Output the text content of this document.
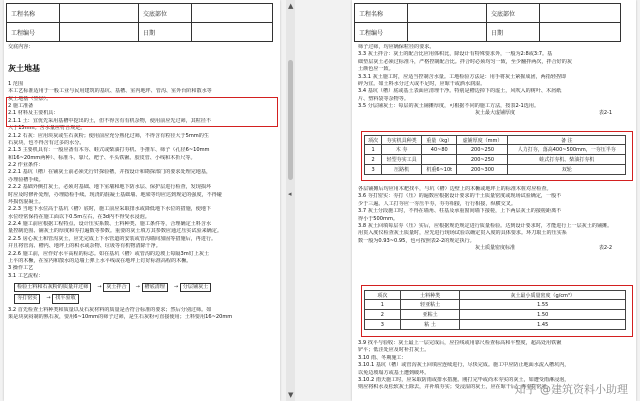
工程名称		交底部位	
工程编号		日期	
交底内容：
灰土地基
1 范围
本工艺标准适用于一般工业与民用建筑的基坑、基槽、室内地坪、管沟、室外台阶和散水等
灰土地基（垫层）。
2 施工准备
2.1 材料及主要机具：
2.1.1 土：宜优先采用基槽中挖出的土，但不得含有有机杂物，使用前应先过筛，其粒径不
大于15mm。含水量应符合规定。
2.1.2 石灰：应用块灰或生石灰粉；使用前应充分熟化过筛，不得含有粒径大于5mm的生
石灰块，也不得含有过多的水分。
2.1.3 主要机具有：一般应备有木夯、蛙式或柴油打夯机、手推车、筛子（孔径6~10mm
和16~20mm两种）、标准斗、靠尺、耙子、平头铁锹、胶皮管、小线和木折尺等。
2.2 作业条件：
2.2.1 基坑（槽）在铺灰土前必须先行钎探验槽，并按设计和勘探部门的要求处理完地基，
办理验槽手续。
2.2.2 基础外侧打灰土，必须对基础、地下室墙和地下防水层、保护层进行检查，发现损坏
时应及时修补处理，办理隐检手续。现浇的混凝土基础墙、地梁等均应达到规定的强度，不得碰
坏损伤混凝土。
2.2.3 当地下水位高于基坑（槽）底时，施工前应采取排水或降低地下水位的措施，使地下
水位经常保持在施工面以下0.5m左右，在3d内不得受水浸泡。
2.2.4 施工前应根据工程特点、设计压实系数、土料种类、施工条件等，合理确定土料含水
量控制范围、铺灰土的厚度和夯打遍数等参数。重要的灰土填方其参数应通过压实试验来确定。
2.2.5 房心灰土和管沟灰土，应先完成上下水管道的安装或管沟墙间加固等措施后，再进行。
并且将管沟、槽内、地坪上的积水或杂物、垃圾等有机物清除干净。
2.2.6 施工前，应作好水平高程的标志。如在基坑（槽）或管沟的边坡上每隔3m钉上灰土
上平的木橛，在室内和散水的边墙上弹上水平线或在地坪上钉好标准高程的木橛。
3 操作工艺
3.1 工艺流程：
检验土料和石灰粉的质量并过筛 → 灰土拌合 → 槽底清理 → 分层铺灰土
夯打密实 → 找平验收
3.2 首先检查土料种类和质量以及石灰材料的质量是否符合标准的要求；然后分别过筛。如
果是块灰闷制的熟石灰，要用6~10mm的筛子过筛，是生石灰粉可直接使用；土料要用16~20mm
▲
◂
▼
工程名称		交底部位	
工程编号		日期	
筛子过筛，均应确保粒径的要求。
3.3 灰土拌合：灰土的配合比应用体积比，除设计有特殊要求外，一般为2:8或3:7。基
础垫层灰土必须过标准斗，严格控制配合比。拌合时必须均匀一致，至少翻拌两次，拌合好的灰
土颜色应一致。
3.3.1 灰土施工时，应适当控制含水量。工地检验方法是：用手将灰土紧握成团，两指轻捏即
碎为宜。如土料水分过大或不足时，应晾干或洒水润湿。
3.4 基坑（槽）底或基土表面应清理干净。特别是槽边掉下的虚土，风吹入的树叶、木屑纸
片、塑料袋等杂物等。
3.5 分层铺灰土：每层的灰土铺摊厚度，可根据不同的施工方法，按表2-1选用。
灰土最大虚铺厚度	表2-1
项次	夯实机具种类	重量（kg）	虚铺厚度（mm）	备 注
1	木 夯	40~80	200~250	人力打夯，落高400~500mm，一夯压半夯
2	轻型夯实工具		200~250	蛙式打夯机、柴油打夯机
3	压路机	机重6~10t	200~300	双轮
各层铺摊后均应用木耙找平，与坑（槽）边壁上的木橛或地坪上的标准木桩对应检查。
3.6 夯打密实：夯打（压）的遍数应根据设计要求的干土质量密度或现场试验确定，一般不
少于三遍。人工打夯应一夯压半夯，夯夯相接，行行相接，纵横交叉。
3.7 灰土分段施工时，不得在墙角、柱基及承重窗间墙下接槎，上下两层灰土的接槎距离不
得小于500mm。
3.8 灰土回填每层夯（压）实后，应根据规范规定进行质量检验。达到设计要求时，才能进行上一层灰土的铺摊。
用贯入度仪检查灰土质量时，应先进行现场试验以确定贯入度的具体要求。环刀取土的压实系
数一般为0.93~0.95，也可按照表2-2的规定执行。
灰土质量密度标准	表2-2
项次	土料种类	灰土最小质量密度（g/cm³）
1	轻亚粘土	1.55
2	亚粘土	1.50
3	粘 土	1.45
3.9 找平与验收：灰土最上一层完成后，应拉线或用靠尺检查标高和平整度，超高处用铁锹
铲平；低洼处应及时补打灰土。
3.10 雨、冬期施工：
3.10.1 基坑（槽）或管沟灰土回填应连续进行，尽快完成。施工中应防止地面水流入槽坑内，
以免边坡塌方或基土遭到破坏。
3.10.2 雨天施工时，应采取防雨或排水措施。刚打完毕或尚未夯实的灰土，如遭受雨淋浸泡，
则应将积水及松软灰土除去，并补填夯实；受浸湿的灰土，应在晾干后，再夯打密实。
知乎 @建筑资料小助理
